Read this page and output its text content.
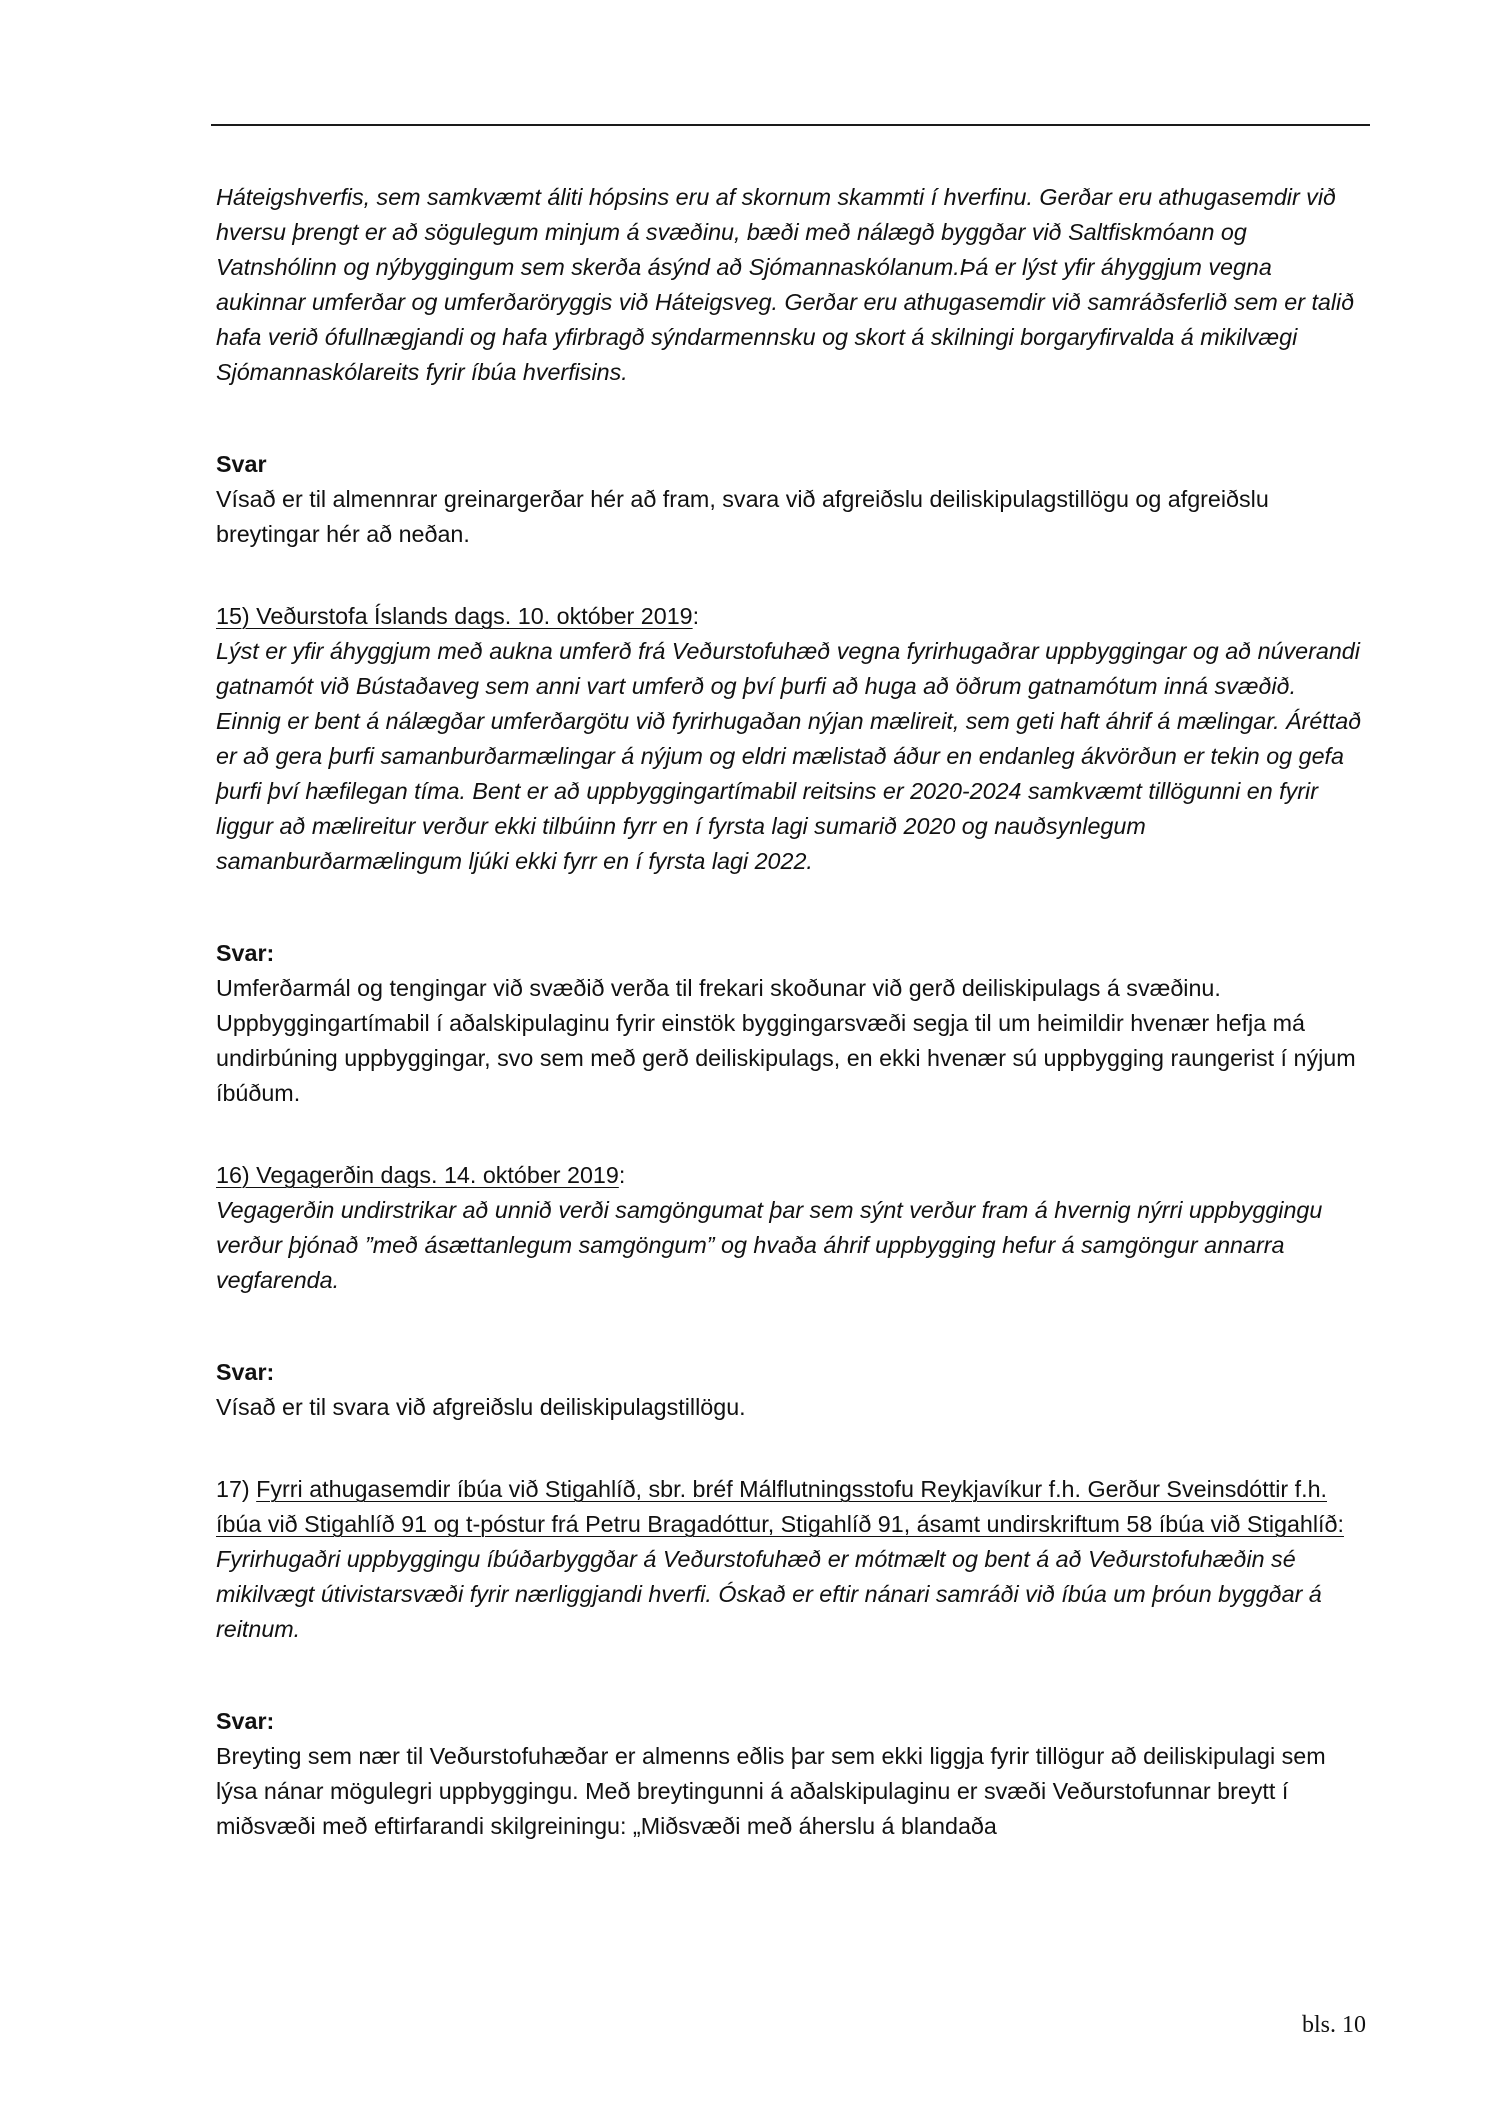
Háteigshverfis, sem samkvæmt áliti hópsins eru af skornum skammti í hverfinu. Gerðar eru athugasemdir við hversu þrengt er að sögulegum minjum á svæðinu, bæði með nálægð byggðar við Saltfiskmóann og Vatnshólinn og nýbyggingum sem skerða ásýnd að Sjómannaskólanum.Þá er lýst yfir áhyggjum vegna aukinnar umferðar og umferðaröryggis við Háteigsveg. Gerðar eru athugasemdir við samráðsferlið sem er talið hafa verið ófullnægjandi og hafa yfirbragð sýndarmennsku og skort á skilningi borgaryfirvalda á mikilvægi Sjómannaskólareits fyrir íbúa hverfisins.

Svar

Vísað er til almennrar greinargerðar hér að fram, svara við afgreiðslu deiliskipulagstillögu og afgreiðslu breytingar hér að neðan.

15) Veðurstofa Íslands dags. 10. október 2019:

Lýst er yfir áhyggjum með aukna umferð frá Veðurstofuhæð vegna fyrirhugaðrar uppbyggingar og að núverandi gatnamót við Bústaðaveg sem anni vart umferð og því þurfi að huga að öðrum gatnamótum inná svæðið. Einnig er bent á nálægðar umferðargötu við fyrirhugaðan nýjan mælireit, sem geti haft áhrif á mælingar. Áréttað er að gera þurfi samanburðarmælingar á nýjum og eldri mælistað áður en endanleg ákvörðun er tekin og gefa þurfi því hæfilegan tíma. Bent er að uppbyggingartímabil reitsins er 2020-2024 samkvæmt tillögunni en fyrir liggur að mælireitur verður ekki tilbúinn fyrr en í fyrsta lagi sumarið 2020 og nauðsynlegum samanburðarmælingum ljúki ekki fyrr en í fyrsta lagi 2022.

Svar:

Umferðarmál og tengingar við svæðið verða til frekari skoðunar við gerð deiliskipulags á svæðinu. Uppbyggingartímabil í aðalskipulaginu fyrir einstök byggingarsvæði segja til um heimildir hvenær hefja má undirbúning uppbyggingar, svo sem með gerð deiliskipulags, en ekki hvenær sú uppbygging raungerist í nýjum íbúðum.

16) Vegagerðin dags. 14. október 2019:

Vegagerðin undirstrikar að unnið verði samgöngumat þar sem sýnt verður fram á hvernig nýrri uppbyggingu verður þjónað ”með ásættanlegum samgöngum” og hvaða áhrif uppbygging hefur á samgöngur annarra vegfarenda.

Svar:

Vísað er til svara við afgreiðslu deiliskipulagstillögu.

17) Fyrri athugasemdir íbúa við Stigahlíð, sbr. bréf Málflutningsstofu Reykjavíkur f.h. Gerður Sveinsdóttir f.h. íbúa við Stigahlíð 91 og t-póstur frá Petru Bragadóttur, Stigahlíð 91, ásamt undirskriftum 58 íbúa við Stigahlíð:

Fyrirhugaðri uppbyggingu íbúðarbyggðar á Veðurstofuhæð er mótmælt og bent á að Veðurstofuhæðin sé mikilvægt útivistarsvæði fyrir nærliggjandi hverfi. Óskað er eftir nánari samráði við íbúa um þróun byggðar á reitnum.

Svar:

Breyting sem nær til Veðurstofuhæðar er almenns eðlis þar sem ekki liggja fyrir tillögur að deiliskipulagi sem lýsa nánar mögulegri uppbyggingu. Með breytingunni á aðalskipulaginu er svæði Veðurstofunnar breytt í miðsvæði með eftirfarandi skilgreiningu: „Miðsvæði með áherslu á blandaða

bls. 10
